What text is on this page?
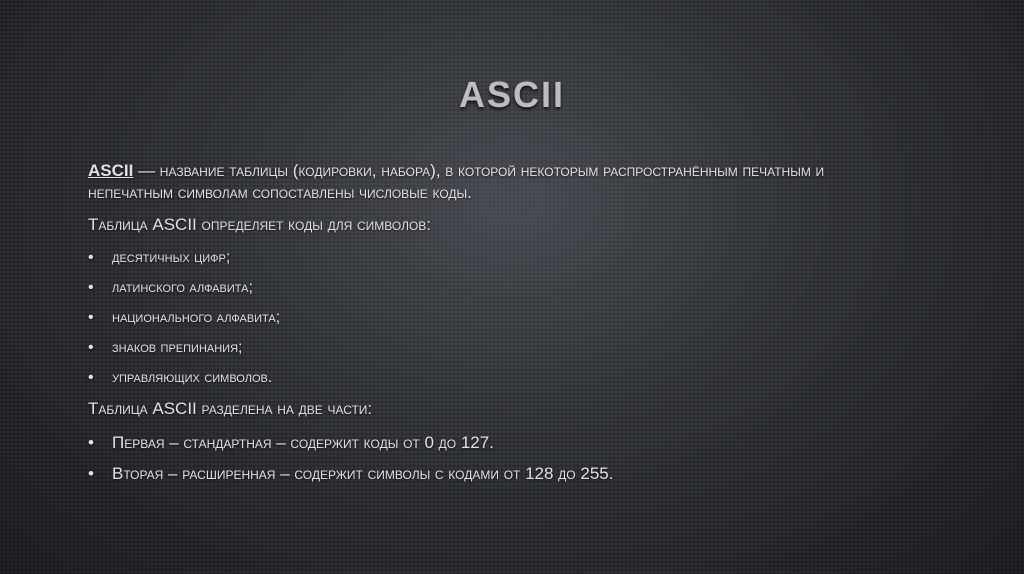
ASCII

ASCII — название таблицы (кодировки, набора), в которой некоторым распространённым печатным и непечатным символам сопоставлены числовые коды.

Таблица ASCII определяет коды для символов:

• десятичных цифр;
• латинского алфавита;
• национального алфавита;
• знаков препинания;
• управляющих символов.

Таблица ASCII разделена на две части:

• Первая – стандартная – содержит коды от 0 до 127.
• Вторая – расширенная – содержит символы с кодами от 128 до 255.
